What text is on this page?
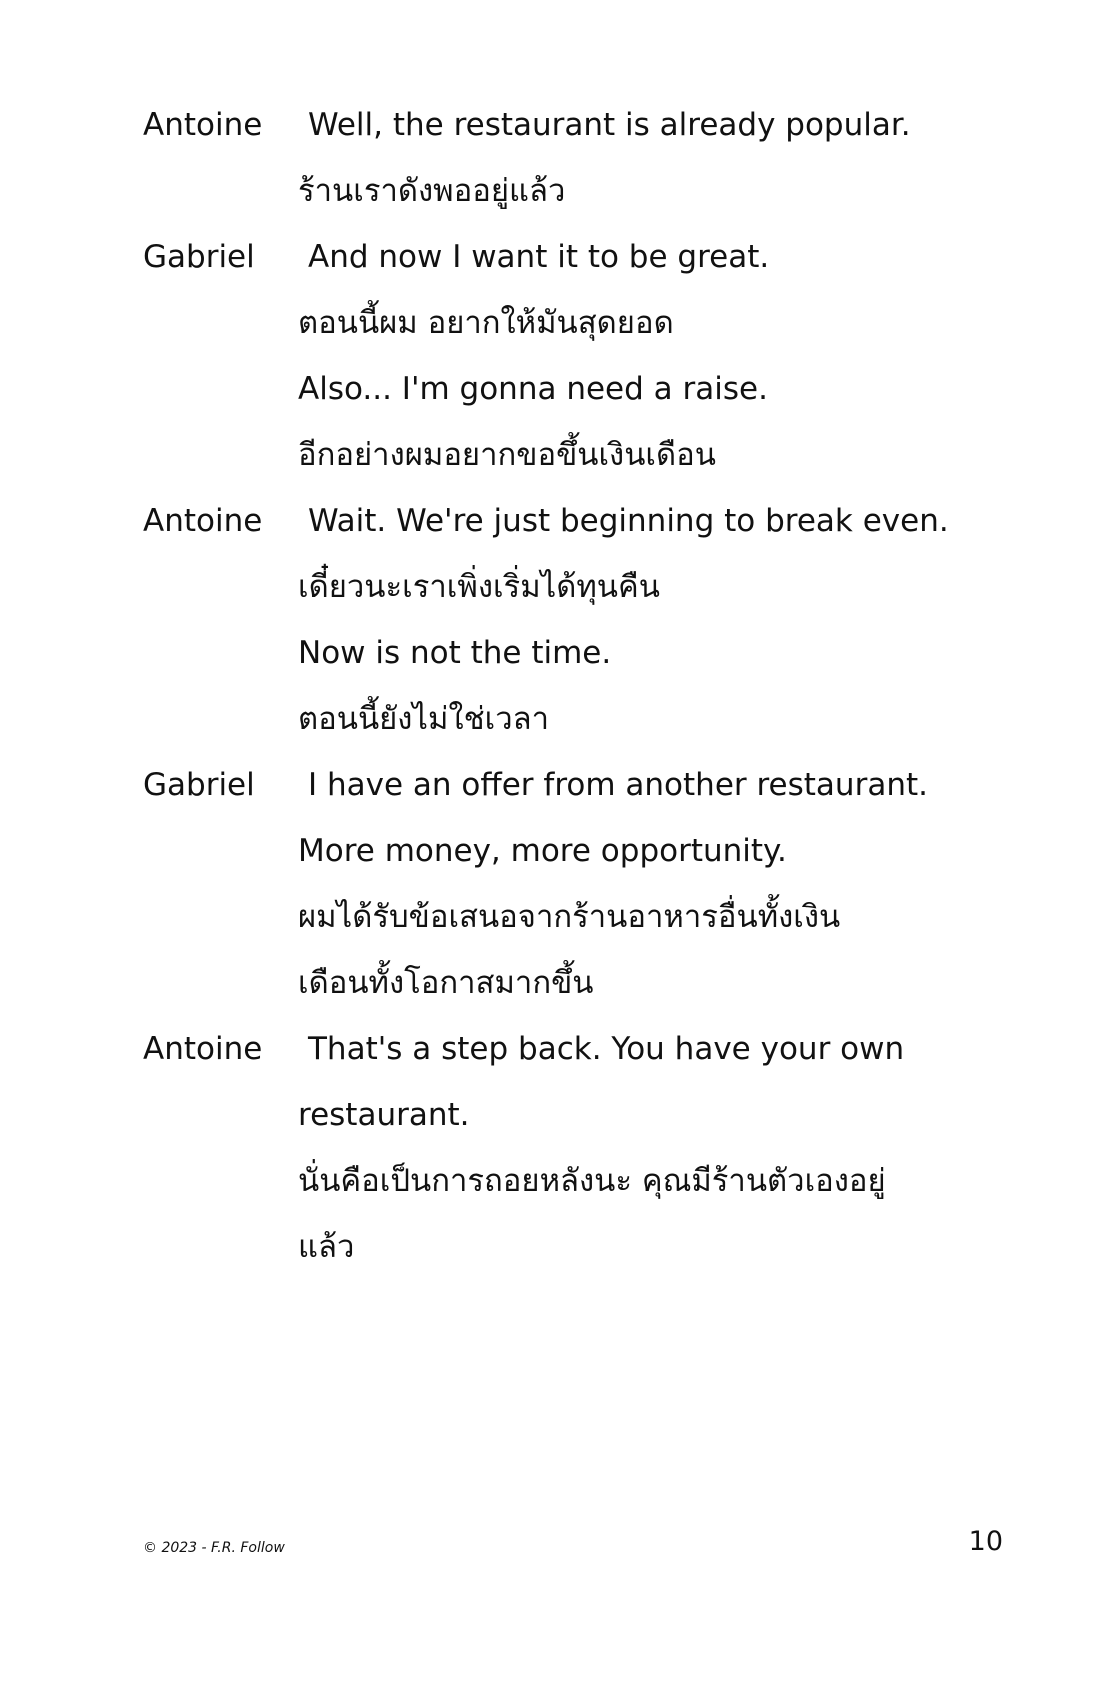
Antoine	Well, the restaurant is already popular.
ร้านเราดังพออยู่แล้ว
Gabriel	And now I want it to be great.
ตอนนี้ผม อยากให้มันสุดยอด
Also... I'm gonna need a raise.
อีกอย่างผมอยากขอขึ้นเงินเดือน
Antoine	Wait. We're just beginning to break even.
เดี๋ยวนะเราเพิ่งเริ่มได้ทุนคืน
Now is not the time.
ตอนนี้ยังไม่ใช่เวลา
Gabriel	I have an offer from another restaurant.
More money, more opportunity.
ผมได้รับข้อเสนอจากร้านอาหารอื่นทั้งเงิน
เดือนทั้งโอกาสมากขึ้น
Antoine	That's a step back. You have your own
restaurant.
นั่นคือเป็นการถอยหลังนะ คุณมีร้านตัวเองอยู่
แล้ว
© 2023 - F.R. Follow	10
